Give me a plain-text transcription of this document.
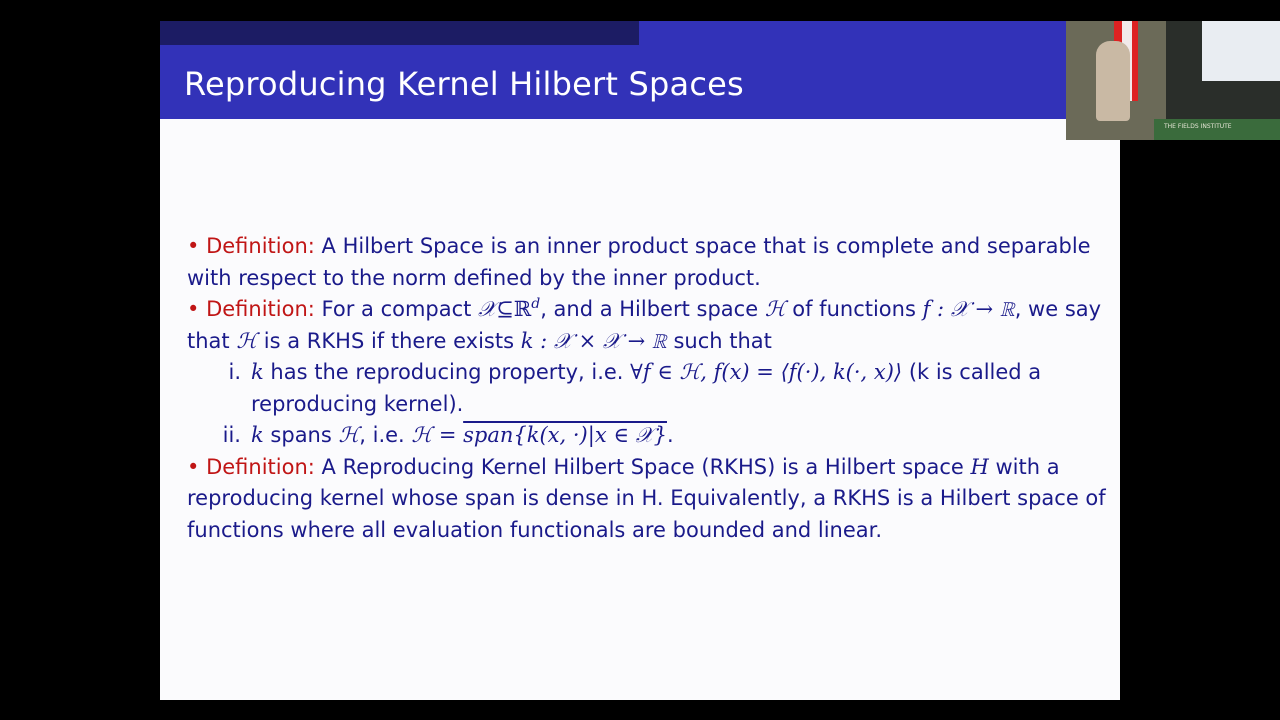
Reproducing Kernel Hilbert Spaces
• Definition: A Hilbert Space is an inner product space that is complete and separable with respect to the norm defined by the inner product.
• Definition: For a compact 𝒳⊆ℝ$^d$, and a Hilbert space ℋ of functions f : 𝒳 → ℝ, we say that ℋ is a RKHS if there exists k : 𝒳 × 𝒳 → ℝ such that
i. k has the reproducing property, i.e. ∀f ∈ ℋ, f(x) = ⟨f(·), k(·, x)⟩ (k is called a reproducing kernel).
ii. k spans ℋ, i.e. ℋ = span{k(x, ·)|x ∈ 𝒳}.
• Definition: A Reproducing Kernel Hilbert Space (RKHS) is a Hilbert space H with a reproducing kernel whose span is dense in H. Equivalently, a RKHS is a Hilbert space of functions where all evaluation functionals are bounded and linear.
THE FIELDS INSTITUTE
